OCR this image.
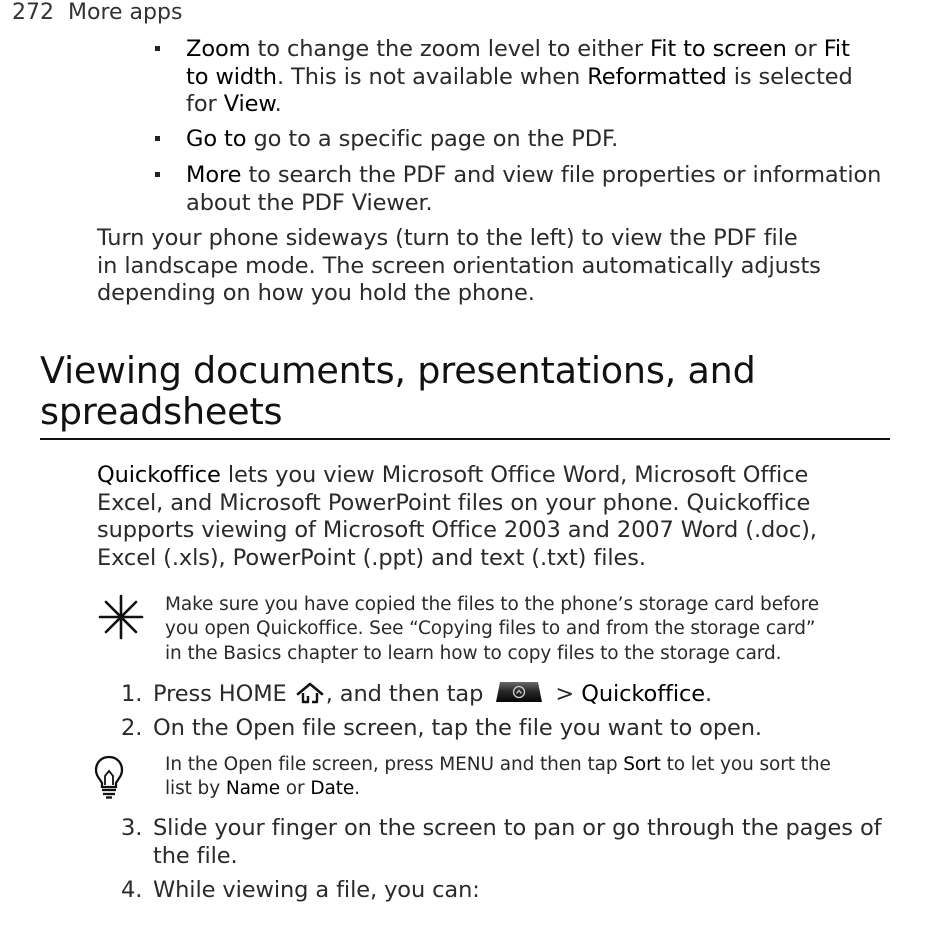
272 More apps
Zoom to change the zoom level to either Fit to screen or Fit
to width. This is not available when Reformatted is selected
for View.
Go to go to a specific page on the PDF.
More to search the PDF and view file properties or information
about the PDF Viewer.
Turn your phone sideways (turn to the left) to view the PDF file
in landscape mode. The screen orientation automatically adjusts
depending on how you hold the phone.
Viewing documents, presentations, and
spreadsheets
Quickoffice lets you view Microsoft Office Word, Microsoft Office
Excel, and Microsoft PowerPoint files on your phone. Quickoffice
supports viewing of Microsoft Office 2003 and 2007 Word (.doc),
Excel (.xls), PowerPoint (.ppt) and text (.txt) files.
Make sure you have copied the files to the phone’s storage card before
you open Quickoffice. See “Copying files to and from the storage card”
in the Basics chapter to learn how to copy files to the storage card.
1. Press HOME
, and then tap	> Quickoffice.
2. On the Open file screen, tap the file you want to open.
In the Open file screen, press MENU and then tap Sort to let you sort the
list by Name or Date.
3. Slide your finger on the screen to pan or go through the pages of
the file.
4. While viewing a file, you can:
